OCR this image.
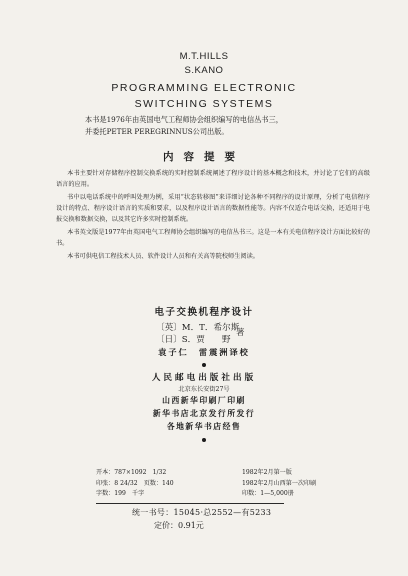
M.T.HILLS
S.KANO
PROGRAMMING ELECTRONIC
SWITCHING SYSTEMS
本书是1976年由英国电气工程师协会组织编写的电信丛书三，
并委托PETER PEREGRINNUS公司出版。
内容提要

本书主要针对存储程序控制交换系统的实时控制系统阐述了程序设计的基本概念和技术，并讨论了它们的高级语言的应用。

书中以电话系统中的呼叫处理为例，采用“状态转移图”来详细讨论各种不同程序的设计原理，分析了电信程序设计的特点、程序设计语言的实质和要求，以及程序设计语言的数据性能等。内容不仅适合电话交换，还适用于电报交换和数据交换，以及其它许多实时控制系统。

本书英文版是1977年由英国电气工程师协会组织编写的电信丛书三。这是一本有关电信程序设计方面比较好的书。

本书可供电信工程技术人员、软件设计人员和有关高等院校师生阅读。

电子交换机程序设计
〔英〕M．T．希尔斯
〔日〕S．贾　　野
著
袁子仁　雷震洲译校
人民邮电出版社出版
北京东长安街27号
山西新华印刷厂印刷
新华书店北京发行所发行
各地新华书店经售
开本：787×1092　1/32	1982年2月第一版
印张：8 24/32　页数：140	1982年2月山西第一次印刷
字数：199　千字	印数：1—5,000册
统一书号：15045·总2552—有5233
定价：0.91元
